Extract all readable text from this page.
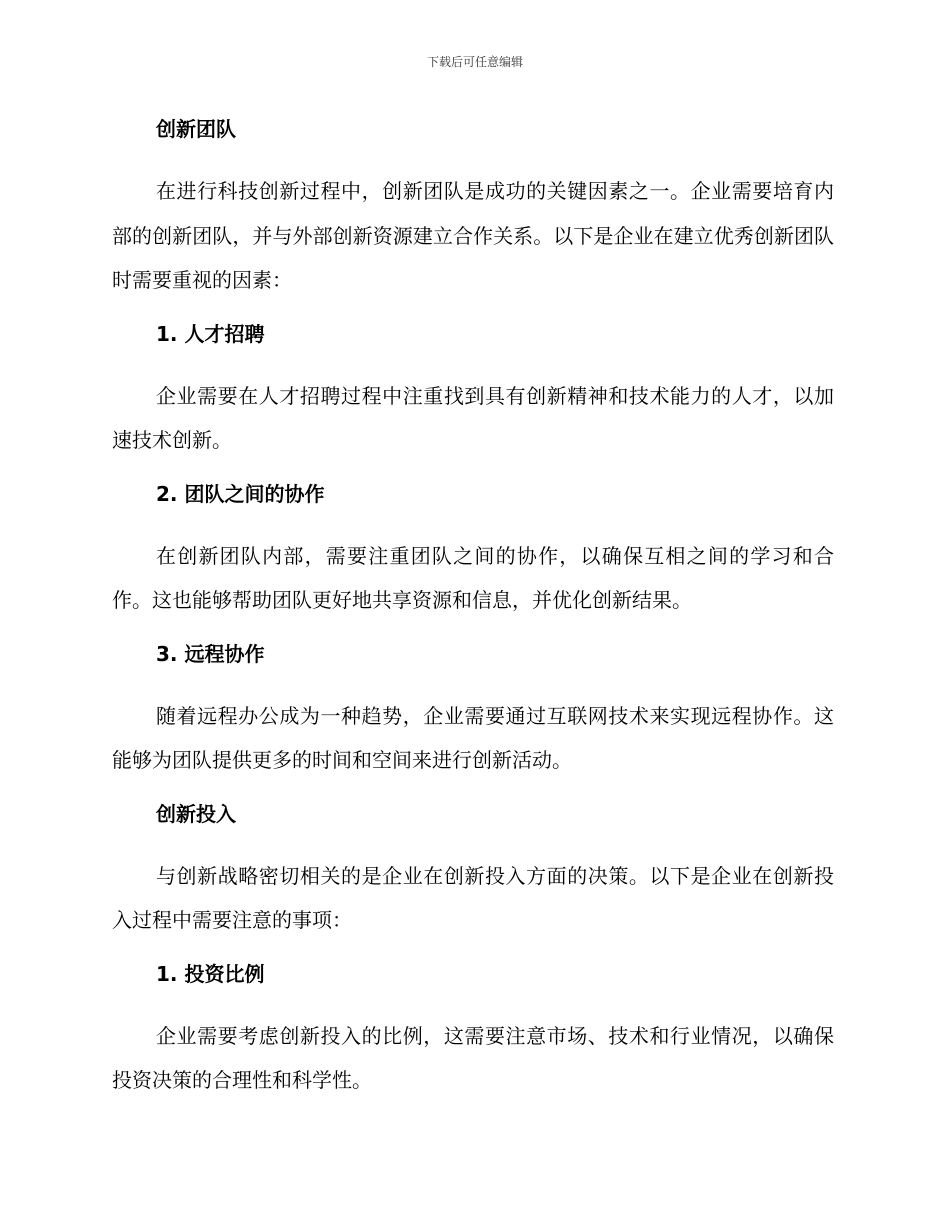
下载后可任意编辑
创新团队

在进行科技创新过程中，创新团队是成功的关键因素之一。企业需要培育内部的创新团队，并与外部创新资源建立合作关系。以下是企业在建立优秀创新团队时需要重视的因素：

1. 人才招聘

企业需要在人才招聘过程中注重找到具有创新精神和技术能力的人才，以加速技术创新。

2. 团队之间的协作

在创新团队内部，需要注重团队之间的协作，以确保互相之间的学习和合作。这也能够帮助团队更好地共享资源和信息，并优化创新结果。

3. 远程协作

随着远程办公成为一种趋势，企业需要通过互联网技术来实现远程协作。这能够为团队提供更多的时间和空间来进行创新活动。

创新投入

与创新战略密切相关的是企业在创新投入方面的决策。以下是企业在创新投入过程中需要注意的事项：

1. 投资比例

企业需要考虑创新投入的比例，这需要注意市场、技术和行业情况，以确保投资决策的合理性和科学性。
